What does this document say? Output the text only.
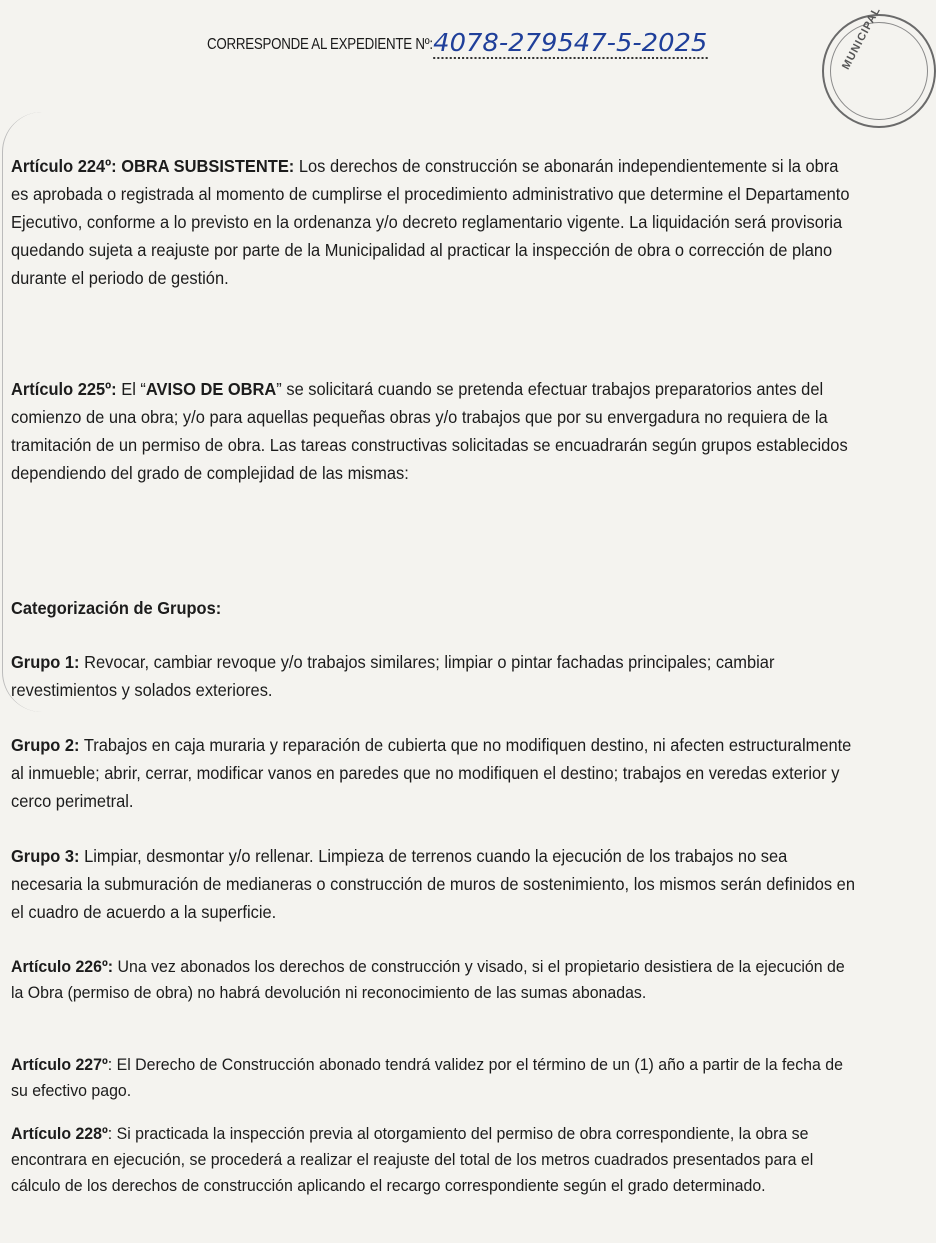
CORRESPONDE AL EXPEDIENTE Nº:4078-279547-5-2025	MUNICIPAL
Artículo 224º: OBRA SUBSISTENTE: Los derechos de construcción se abonarán independientemente si la obra es aprobada o registrada al momento de cumplirse el procedimiento administrativo que determine el Departamento Ejecutivo, conforme a lo previsto en la ordenanza y/o decreto reglamentario vigente. La liquidación será provisoria quedando sujeta a reajuste por parte de la Municipalidad al practicar la inspección de obra o corrección de plano durante el periodo de gestión.
Artículo 225º: El “AVISO DE OBRA” se solicitará cuando se pretenda efectuar trabajos preparatorios antes del comienzo de una obra; y/o para aquellas pequeñas obras y/o trabajos que por su envergadura no requiera de la tramitación de un permiso de obra. Las tareas constructivas solicitadas se encuadrarán según grupos establecidos dependiendo del grado de complejidad de las mismas:
Categorización de Grupos:
Grupo 1: Revocar, cambiar revoque y/o trabajos similares; limpiar o pintar fachadas principales; cambiar revestimientos y solados exteriores.
Grupo 2: Trabajos en caja muraria y reparación de cubierta que no modifiquen destino, ni afecten estructuralmente al inmueble; abrir, cerrar, modificar vanos en paredes que no modifiquen el destino; trabajos en veredas exterior y cerco perimetral.
Grupo 3: Limpiar, desmontar y/o rellenar. Limpieza de terrenos cuando la ejecución de los trabajos no sea necesaria la submuración de medianeras o construcción de muros de sostenimiento, los mismos serán definidos en el cuadro de acuerdo a la superficie.
Artículo 226º: Una vez abonados los derechos de construcción y visado, si el propietario desistiera de la ejecución de la Obra (permiso de obra) no habrá devolución ni reconocimiento de las sumas abonadas.
Artículo 227º: El Derecho de Construcción abonado tendrá validez por el término de un (1) año a partir de la fecha de su efectivo pago.
Artículo 228º: Si practicada la inspección previa al otorgamiento del permiso de obra correspondiente, la obra se encontrara en ejecución, se procederá a realizar el reajuste del total de los metros cuadrados presentados para el cálculo de los derechos de construcción aplicando el recargo correspondiente según el grado determinado.
